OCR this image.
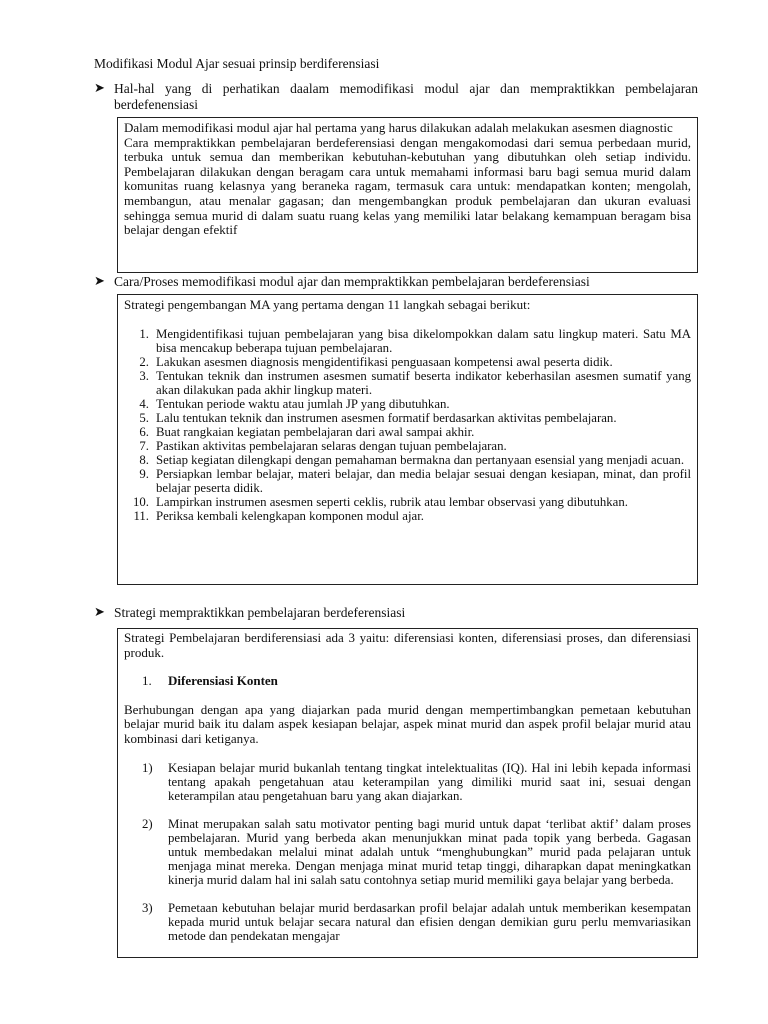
Modifikasi Modul Ajar sesuai prinsip berdiferensiasi
➤ Hal-hal yang di perhatikan daalam memodifikasi modul ajar dan mempraktikkan pembelajaran berdefenensiasi

Dalam memodifikasi modul ajar hal pertama yang harus dilakukan adalah melakukan asesmen diagnostic

Cara mempraktikkan pembelajaran berdeferensiasi dengan mengakomodasi dari semua perbedaan murid, terbuka untuk semua dan memberikan kebutuhan-kebutuhan yang dibutuhkan oleh setiap individu. Pembelajaran dilakukan dengan beragam cara untuk memahami informasi baru bagi semua murid dalam komunitas ruang kelasnya yang beraneka ragam, termasuk cara untuk: mendapatkan konten; mengolah, membangun, atau menalar gagasan; dan mengembangkan produk pembelajaran dan ukuran evaluasi sehingga semua murid di dalam suatu ruang kelas yang memiliki latar belakang kemampuan beragam bisa belajar dengan efektif

➤ Cara/Proses memodifikasi modul ajar dan mempraktikkan pembelajaran berdeferensiasi

Strategi pengembangan MA yang pertama dengan 11 langkah sebagai berikut:

1. Mengidentifikasi tujuan pembelajaran yang bisa dikelompokkan dalam satu lingkup materi. Satu MA bisa mencakup beberapa tujuan pembelajaran.
2. Lakukan asesmen diagnosis mengidentifikasi penguasaan kompetensi awal peserta didik.
3. Tentukan teknik dan instrumen asesmen sumatif beserta indikator keberhasilan asesmen sumatif yang akan dilakukan pada akhir lingkup materi.
4. Tentukan periode waktu atau jumlah JP yang dibutuhkan.
5. Lalu tentukan teknik dan instrumen asesmen formatif berdasarkan aktivitas pembelajaran.
6. Buat rangkaian kegiatan pembelajaran dari awal sampai akhir.
7. Pastikan aktivitas pembelajaran selaras dengan tujuan pembelajaran.
8. Setiap kegiatan dilengkapi dengan pemahaman bermakna dan pertanyaan esensial yang menjadi acuan.
9. Persiapkan lembar belajar, materi belajar, dan media belajar sesuai dengan kesiapan, minat, dan profil belajar peserta didik.
10. Lampirkan instrumen asesmen seperti ceklis, rubrik atau lembar observasi yang dibutuhkan.
11. Periksa kembali kelengkapan komponen modul ajar.
➤ Strategi mempraktikkan pembelajaran berdeferensiasi

Strategi Pembelajaran berdiferensiasi ada 3 yaitu: diferensiasi konten, diferensiasi proses, dan diferensiasi produk.

1.	Diferensiasi Konten

Berhubungan dengan apa yang diajarkan pada murid dengan mempertimbangkan pemetaan kebutuhan belajar murid baik itu dalam aspek kesiapan belajar, aspek minat murid dan aspek profil belajar murid atau kombinasi dari ketiganya.

1)	Kesiapan belajar murid bukanlah tentang tingkat intelektualitas (IQ). Hal ini lebih kepada informasi tentang apakah pengetahuan atau keterampilan yang dimiliki murid saat ini, sesuai dengan keterampilan atau pengetahuan baru yang akan diajarkan.
2)	Minat merupakan salah satu motivator penting bagi murid untuk dapat ‘terlibat aktif’ dalam proses pembelajaran. Murid yang berbeda akan menunjukkan minat pada topik yang berbeda. Gagasan untuk membedakan melalui minat adalah untuk “menghubungkan” murid pada pelajaran untuk menjaga minat mereka. Dengan menjaga minat murid tetap tinggi, diharapkan dapat meningkatkan kinerja murid dalam hal ini salah satu contohnya setiap murid memiliki gaya belajar yang berbeda.
3)	Pemetaan kebutuhan belajar murid berdasarkan profil belajar adalah untuk memberikan kesempatan kepada murid untuk belajar secara natural dan efisien dengan demikian guru perlu memvariasikan metode dan pendekatan mengajar
